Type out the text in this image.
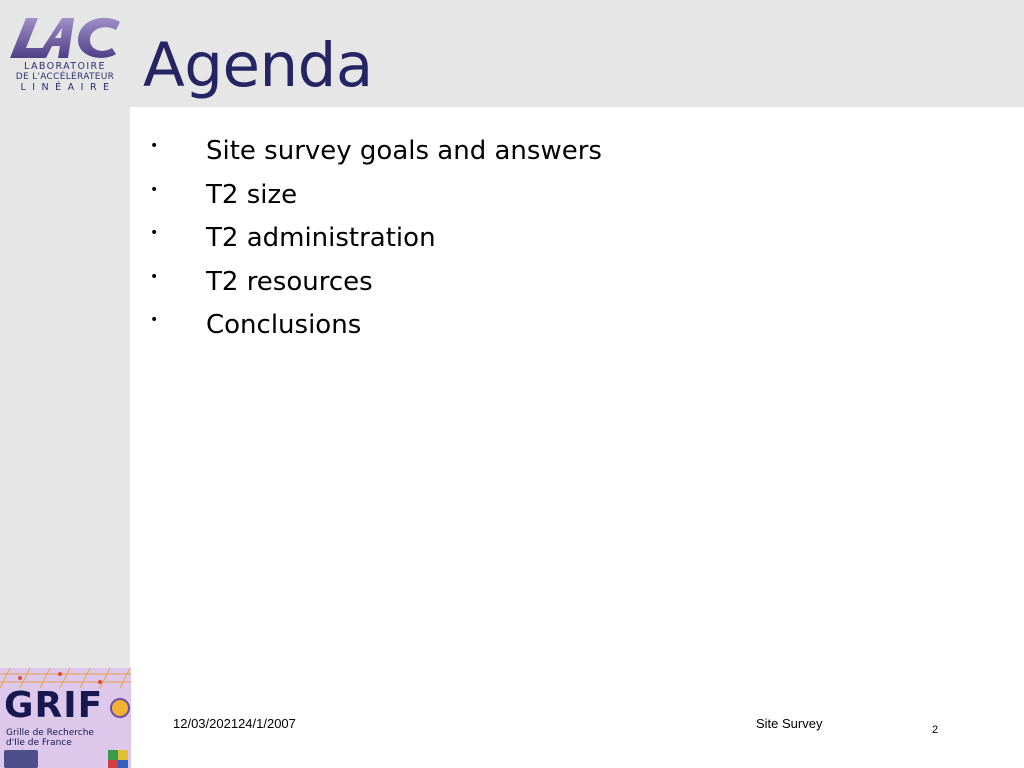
LABORATOIRE
DE L'ACCÉLÉRATEUR
LINÉAIRE Agenda
• Site survey goals and answers
• T2 size
• T2 administration
• T2 resources
• Conclusions
GRIF
Grille de Recherche
d'Ile de France
12/03/202124/1/2007	Site Survey	2
